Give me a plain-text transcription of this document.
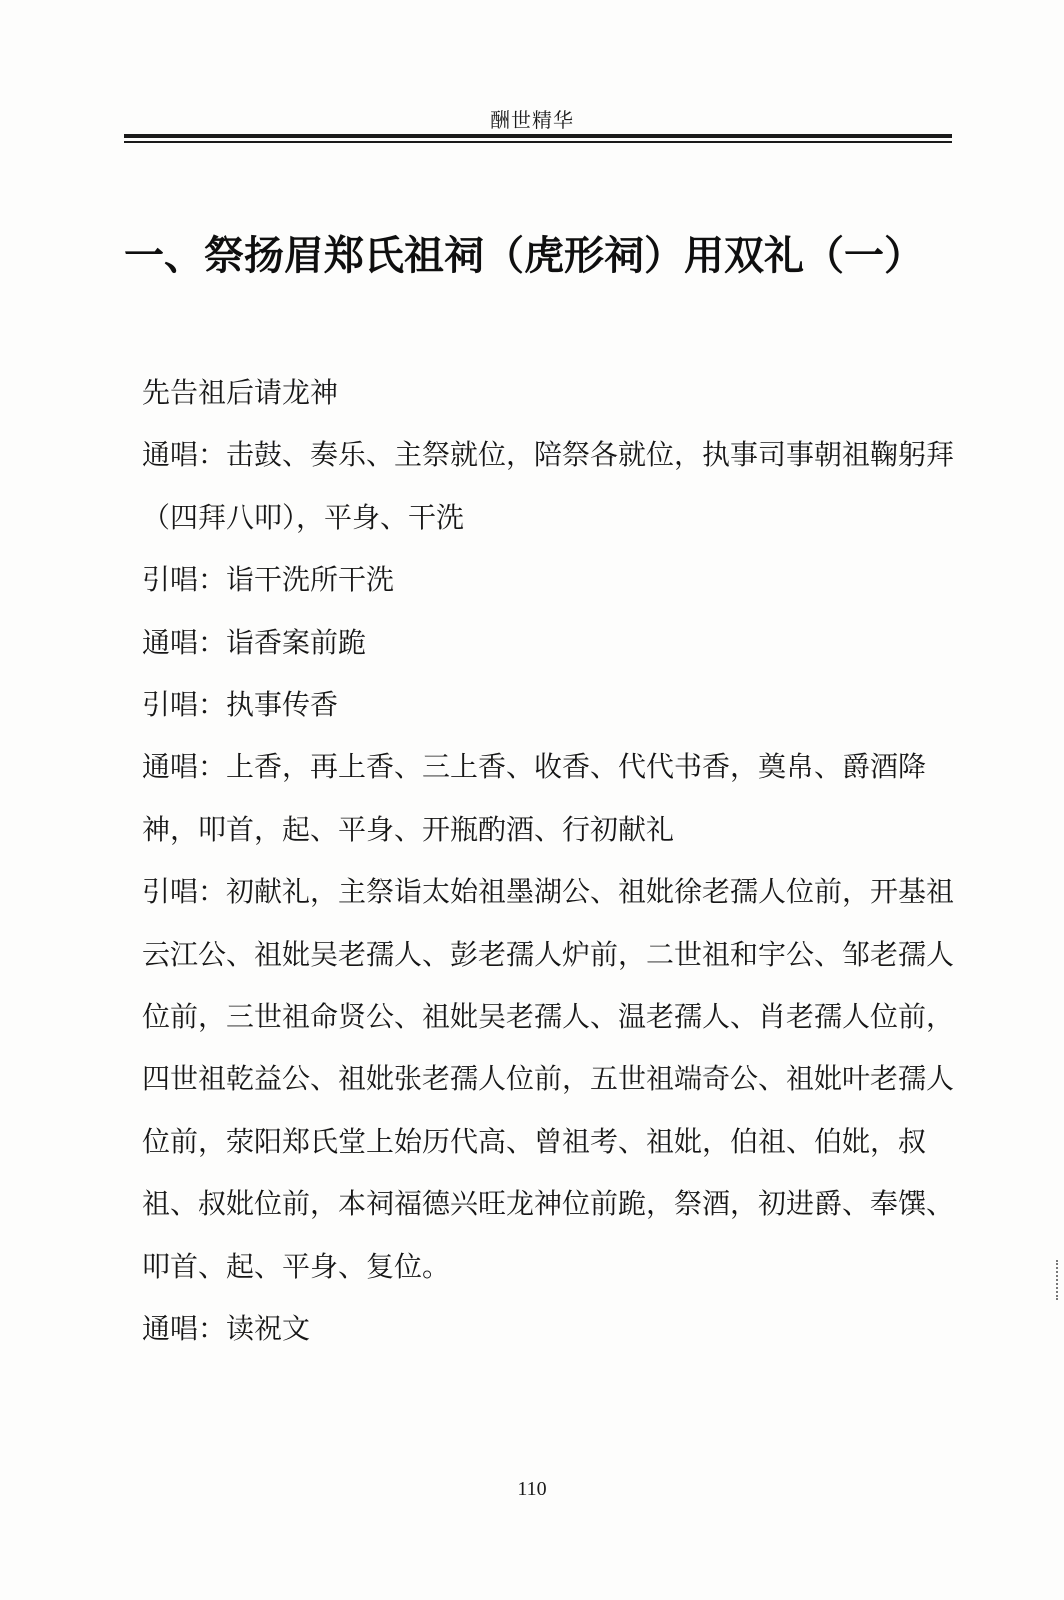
酬世精华
一、祭扬眉郑氏祖祠（虎形祠）用双礼（一）

先告祖后请龙神

通唱：击鼓、奏乐、主祭就位，陪祭各就位，执事司事朝祖鞠躬拜（四拜八叩），平身、干洗

引唱：诣干洗所干洗

通唱：诣香案前跪

引唱：执事传香

通唱：上香，再上香、三上香、收香、代代书香，奠帛、爵酒降神，叩首，起、平身、开瓶酌酒、行初献礼

引唱：初献礼，主祭诣太始祖墨湖公、祖妣徐老孺人位前，开基祖云江公、祖妣吴老孺人、彭老孺人炉前，二世祖和宇公、邹老孺人位前，三世祖命贤公、祖妣吴老孺人、温老孺人、肖老孺人位前，四世祖乾益公、祖妣张老孺人位前，五世祖端奇公、祖妣叶老孺人位前，荥阳郑氏堂上始历代高、曾祖考、祖妣，伯祖、伯妣，叔祖、叔妣位前，本祠福德兴旺龙神位前跪，祭酒，初进爵、奉馔、叩首、起、平身、复位。

通唱：读祝文

110
